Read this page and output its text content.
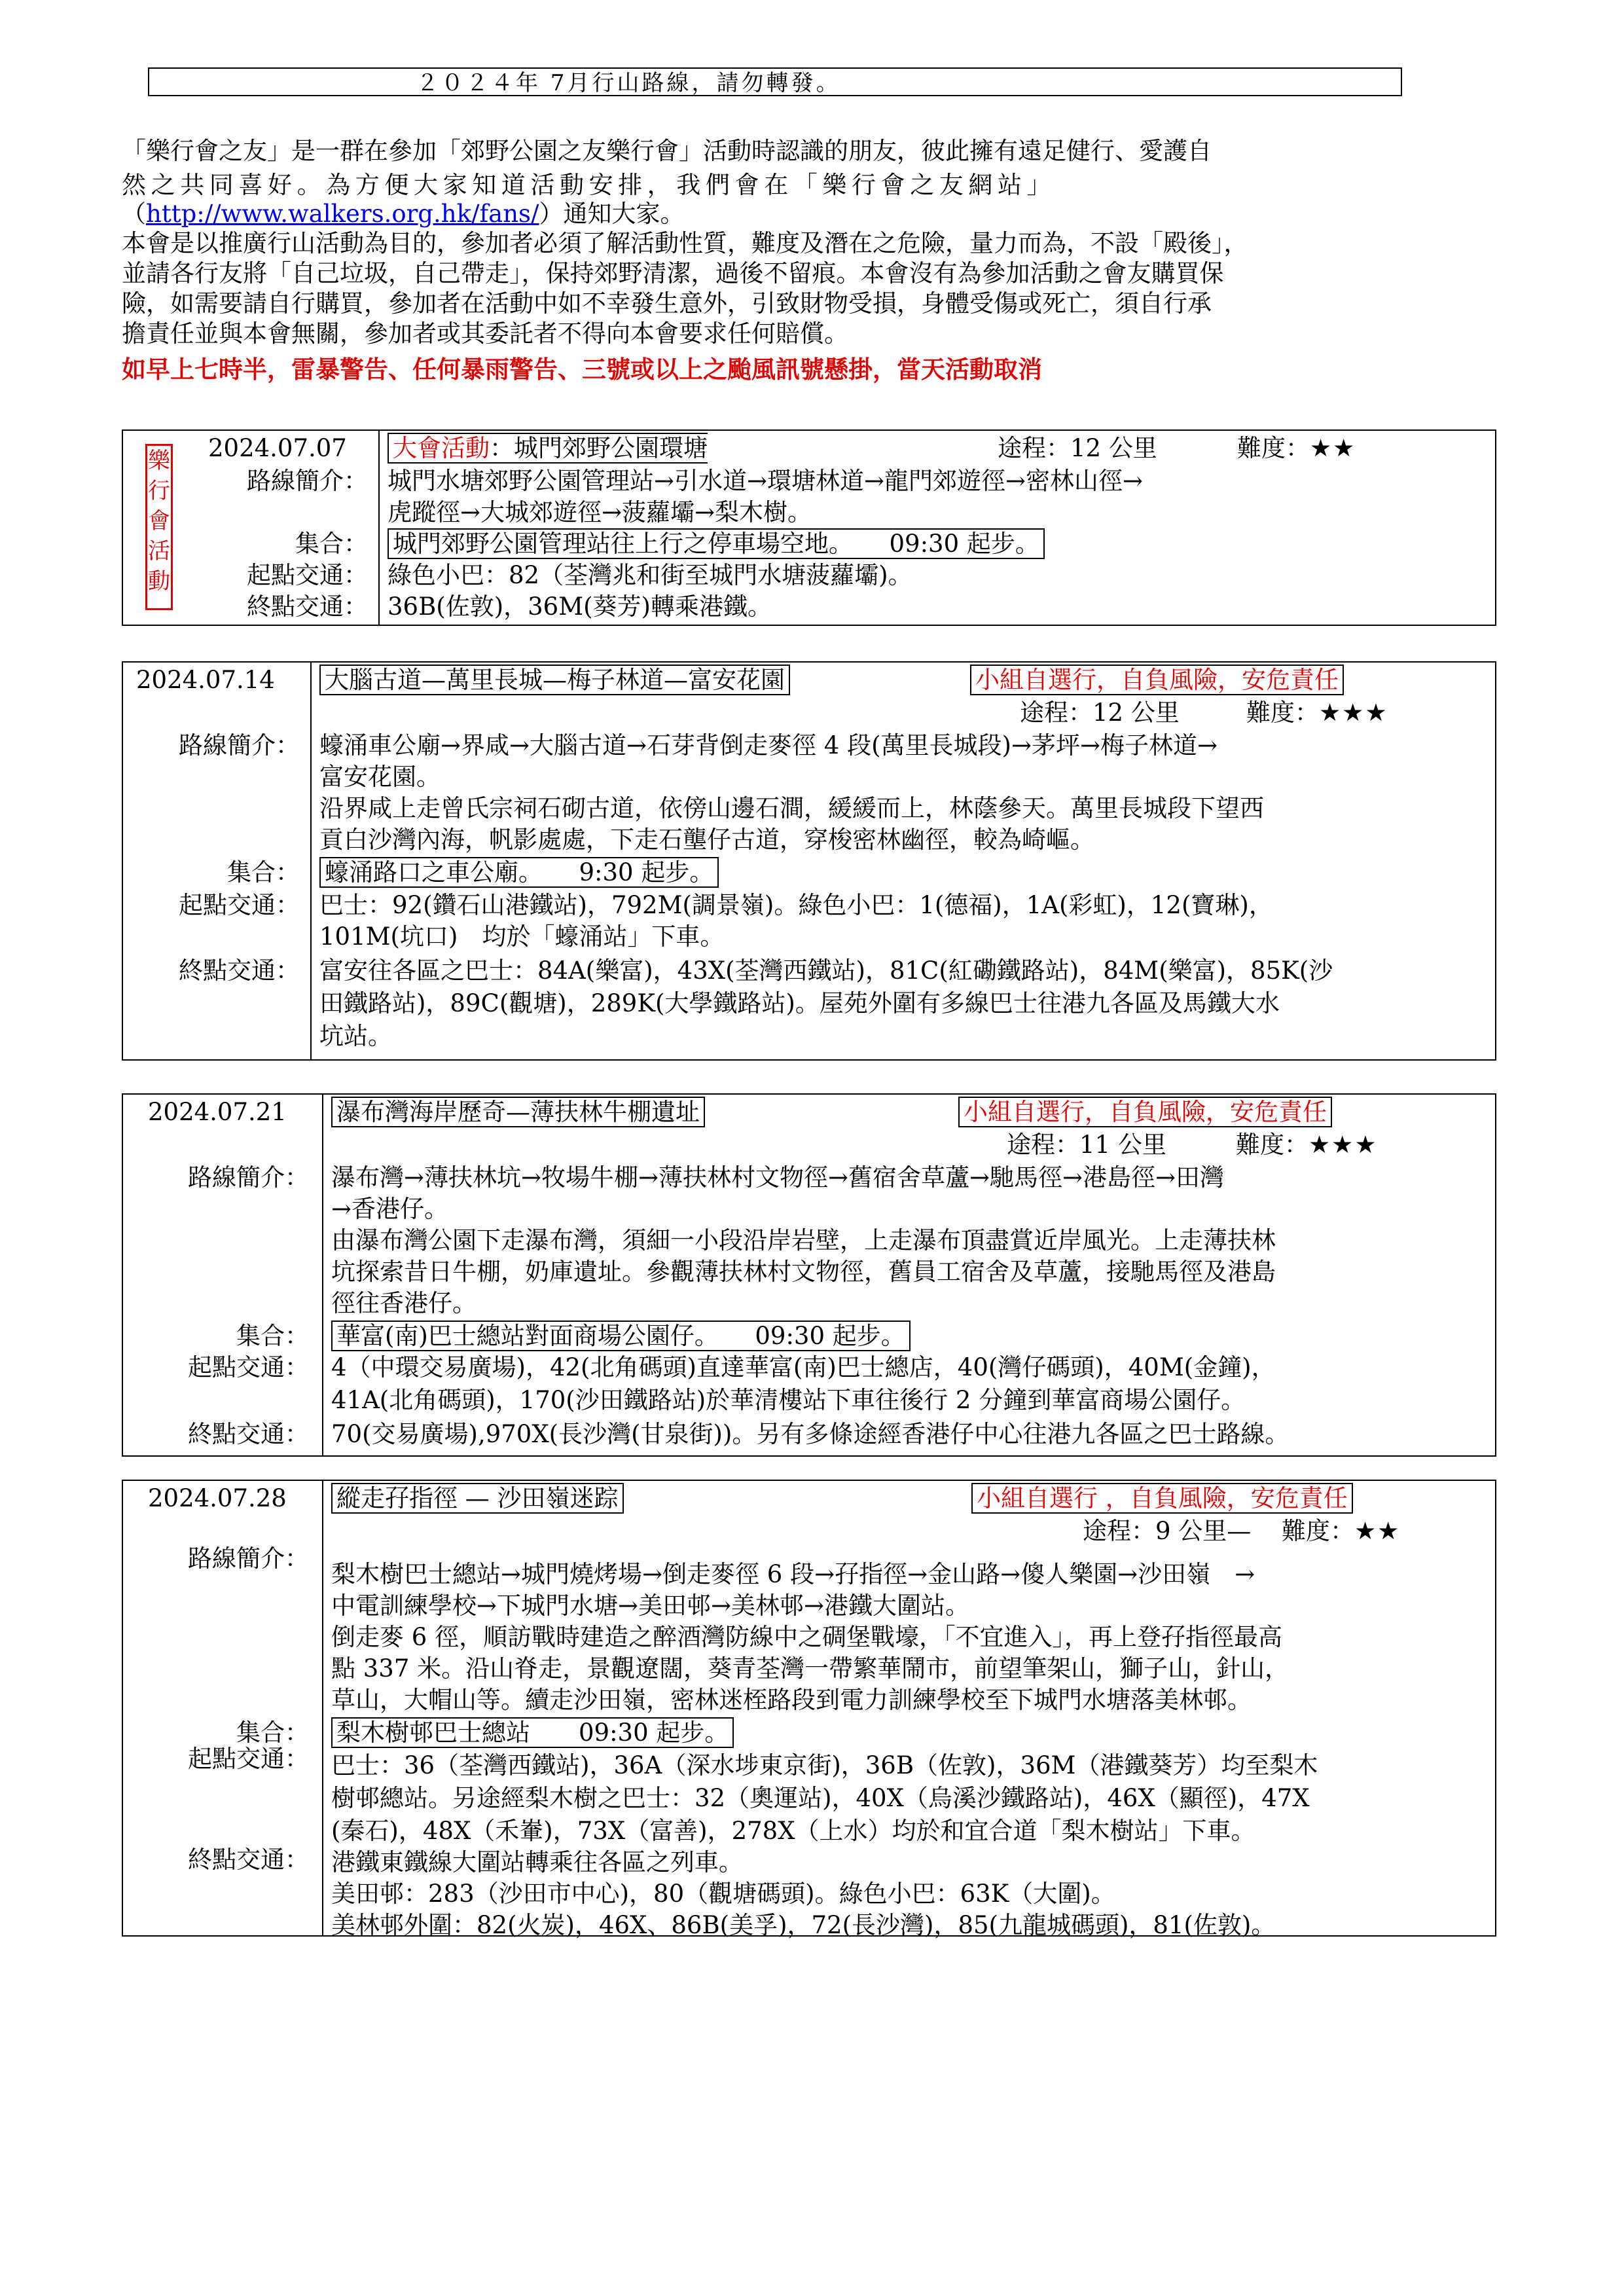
２０２４年 7月行山路線，請勿轉發。
「樂行會之友」是一群在參加「郊野公園之友樂行會」活動時認識的朋友，彼此擁有遠足健行、愛護自
然之共同喜好。為方便大家知道活動安排，我們會在「樂行會之友網站」
（http://www.walkers.org.hk/fans/）通知大家。
本會是以推廣行山活動為目的，參加者必須了解活動性質，難度及潛在之危險，量力而為，不設「殿後」，
並請各行友將「自己垃圾，自己帶走」，保持郊野清潔，過後不留痕。本會沒有為參加活動之會友購買保
險，如需要請自行購買，參加者在活動中如不幸發生意外，引致財物受損，身體受傷或死亡，須自行承
擔責任並與本會無關，參加者或其委託者不得向本會要求任何賠償。
如早上七時半，雷暴警告、任何暴雨警告、三號或以上之颱風訊號懸掛，當天活動取消
樂
行
會
活
動
2024.07.07 大會活動：城門郊野公園環塘	途程：12 公里	難度：★★
路線簡介： 城門水塘郊野公園管理站→引水道→環塘林道→龍門郊遊徑→密林山徑→
虎蹤徑→大城郊遊徑→菠蘿壩→梨木樹。
集合： 城門郊野公園管理站往上行之停車場空地。　　09:30 起步。
起點交通： 綠色小巴：82（荃灣兆和街至城門水塘菠蘿壩)。
終點交通： 36B(佐敦)，36M(葵芳)轉乘港鐵。
2024.07.14 大腦古道—萬里長城—梅子林道—富安花園	小組自選行，自負風險，安危責任
途程：12 公里	難度：★★★
路線簡介： 蠔涌車公廟→界咸→大腦古道→石芽背倒走麥徑 4 段(萬里長城段)→茅坪→梅子林道→
富安花園。
沿界咸上走曾氏宗祠石砌古道，依傍山邊石澗，緩緩而上，林蔭參天。萬里長城段下望西
貢白沙灣內海，帆影處處，下走石壟仔古道，穿梭密林幽徑，較為崎嶇。
集合： 蠔涌路口之車公廟。　　9:30 起步。
起點交通： 巴士：92(鑽石山港鐵站)，792M(調景嶺)。綠色小巴：1(德福)，1A(彩虹)，12(寶琳)，
101M(坑口)　均於「蠔涌站」下車。
終點交通： 富安往各區之巴士：84A(樂富)，43X(荃灣西鐵站)，81C(紅磡鐵路站)，84M(樂富)，85K(沙
田鐵路站)，89C(觀塘)，289K(大學鐵路站)。屋苑外圍有多線巴士往港九各區及馬鐵大水
坑站。
2024.07.21 瀑布灣海岸歷奇—薄扶林牛棚遺址	小組自選行，自負風險，安危責任
途程：11 公里	難度：★★★
路線簡介： 瀑布灣→薄扶林坑→牧場牛棚→薄扶林村文物徑→舊宿舍草蘆→馳馬徑→港島徑→田灣
→香港仔。
由瀑布灣公園下走瀑布灣，須細一小段沿岸岩壁，上走瀑布頂盡賞近岸風光。上走薄扶林
坑探索昔日牛棚，奶庫遺址。參觀薄扶林村文物徑，舊員工宿舍及草蘆，接馳馬徑及港島
徑往香港仔。
集合： 華富(南)巴士總站對面商場公園仔。　　09:30 起步。
起點交通： 4（中環交易廣場)，42(北角碼頭)直達華富(南)巴士總店，40(灣仔碼頭)，40M(金鐘)，
41A(北角碼頭)，170(沙田鐵路站)於華清樓站下車往後行 2 分鐘到華富商場公園仔。
終點交通： 70(交易廣場),970X(長沙灣(甘泉街))。另有多條途經香港仔中心往港九各區之巴士路線。
2024.07.28 縱走孖指徑 — 沙田嶺迷踪	小組自選行 ，自負風險，安危責任
途程：9 公里— 難度：★★
路線簡介：
梨木樹巴士總站→城門燒烤場→倒走麥徑 6 段→孖指徑→金山路→傻人樂園→沙田嶺　→
中電訓練學校→下城門水塘→美田邨→美林邨→港鐵大圍站。
倒走麥 6 徑，順訪戰時建造之醉酒灣防線中之碉堡戰壕，「不宜進入」，再上登孖指徑最高
點 337 米。沿山脊走，景觀遼闊，葵青荃灣一帶繁華鬧市，前望筆架山，獅子山，針山，
草山，大帽山等。續走沙田嶺，密林迷桎路段到電力訓練學校至下城門水塘落美林邨。
集合： 梨木樹邨巴士總站　　09:30 起步。
起點交通： 巴士：36（荃灣西鐵站)，36A（深水埗東京街)，36B（佐敦)，36M（港鐵葵芳）均至梨木
樹邨總站。另途經梨木樹之巴士：32（奧運站)，40X（烏溪沙鐵路站)，46X（顯徑)，47X
(秦石)，48X（禾輋)，73X（富善)，278X（上水）均於和宜合道「梨木樹站」下車。
終點交通： 港鐵東鐵線大圍站轉乘往各區之列車。
美田邨：283（沙田市中心)，80（觀塘碼頭)。綠色小巴：63K（大圍)。
美林邨外圍：82(火炭)，46X、86B(美孚)，72(長沙灣)，85(九龍城碼頭)，81(佐敦)。
